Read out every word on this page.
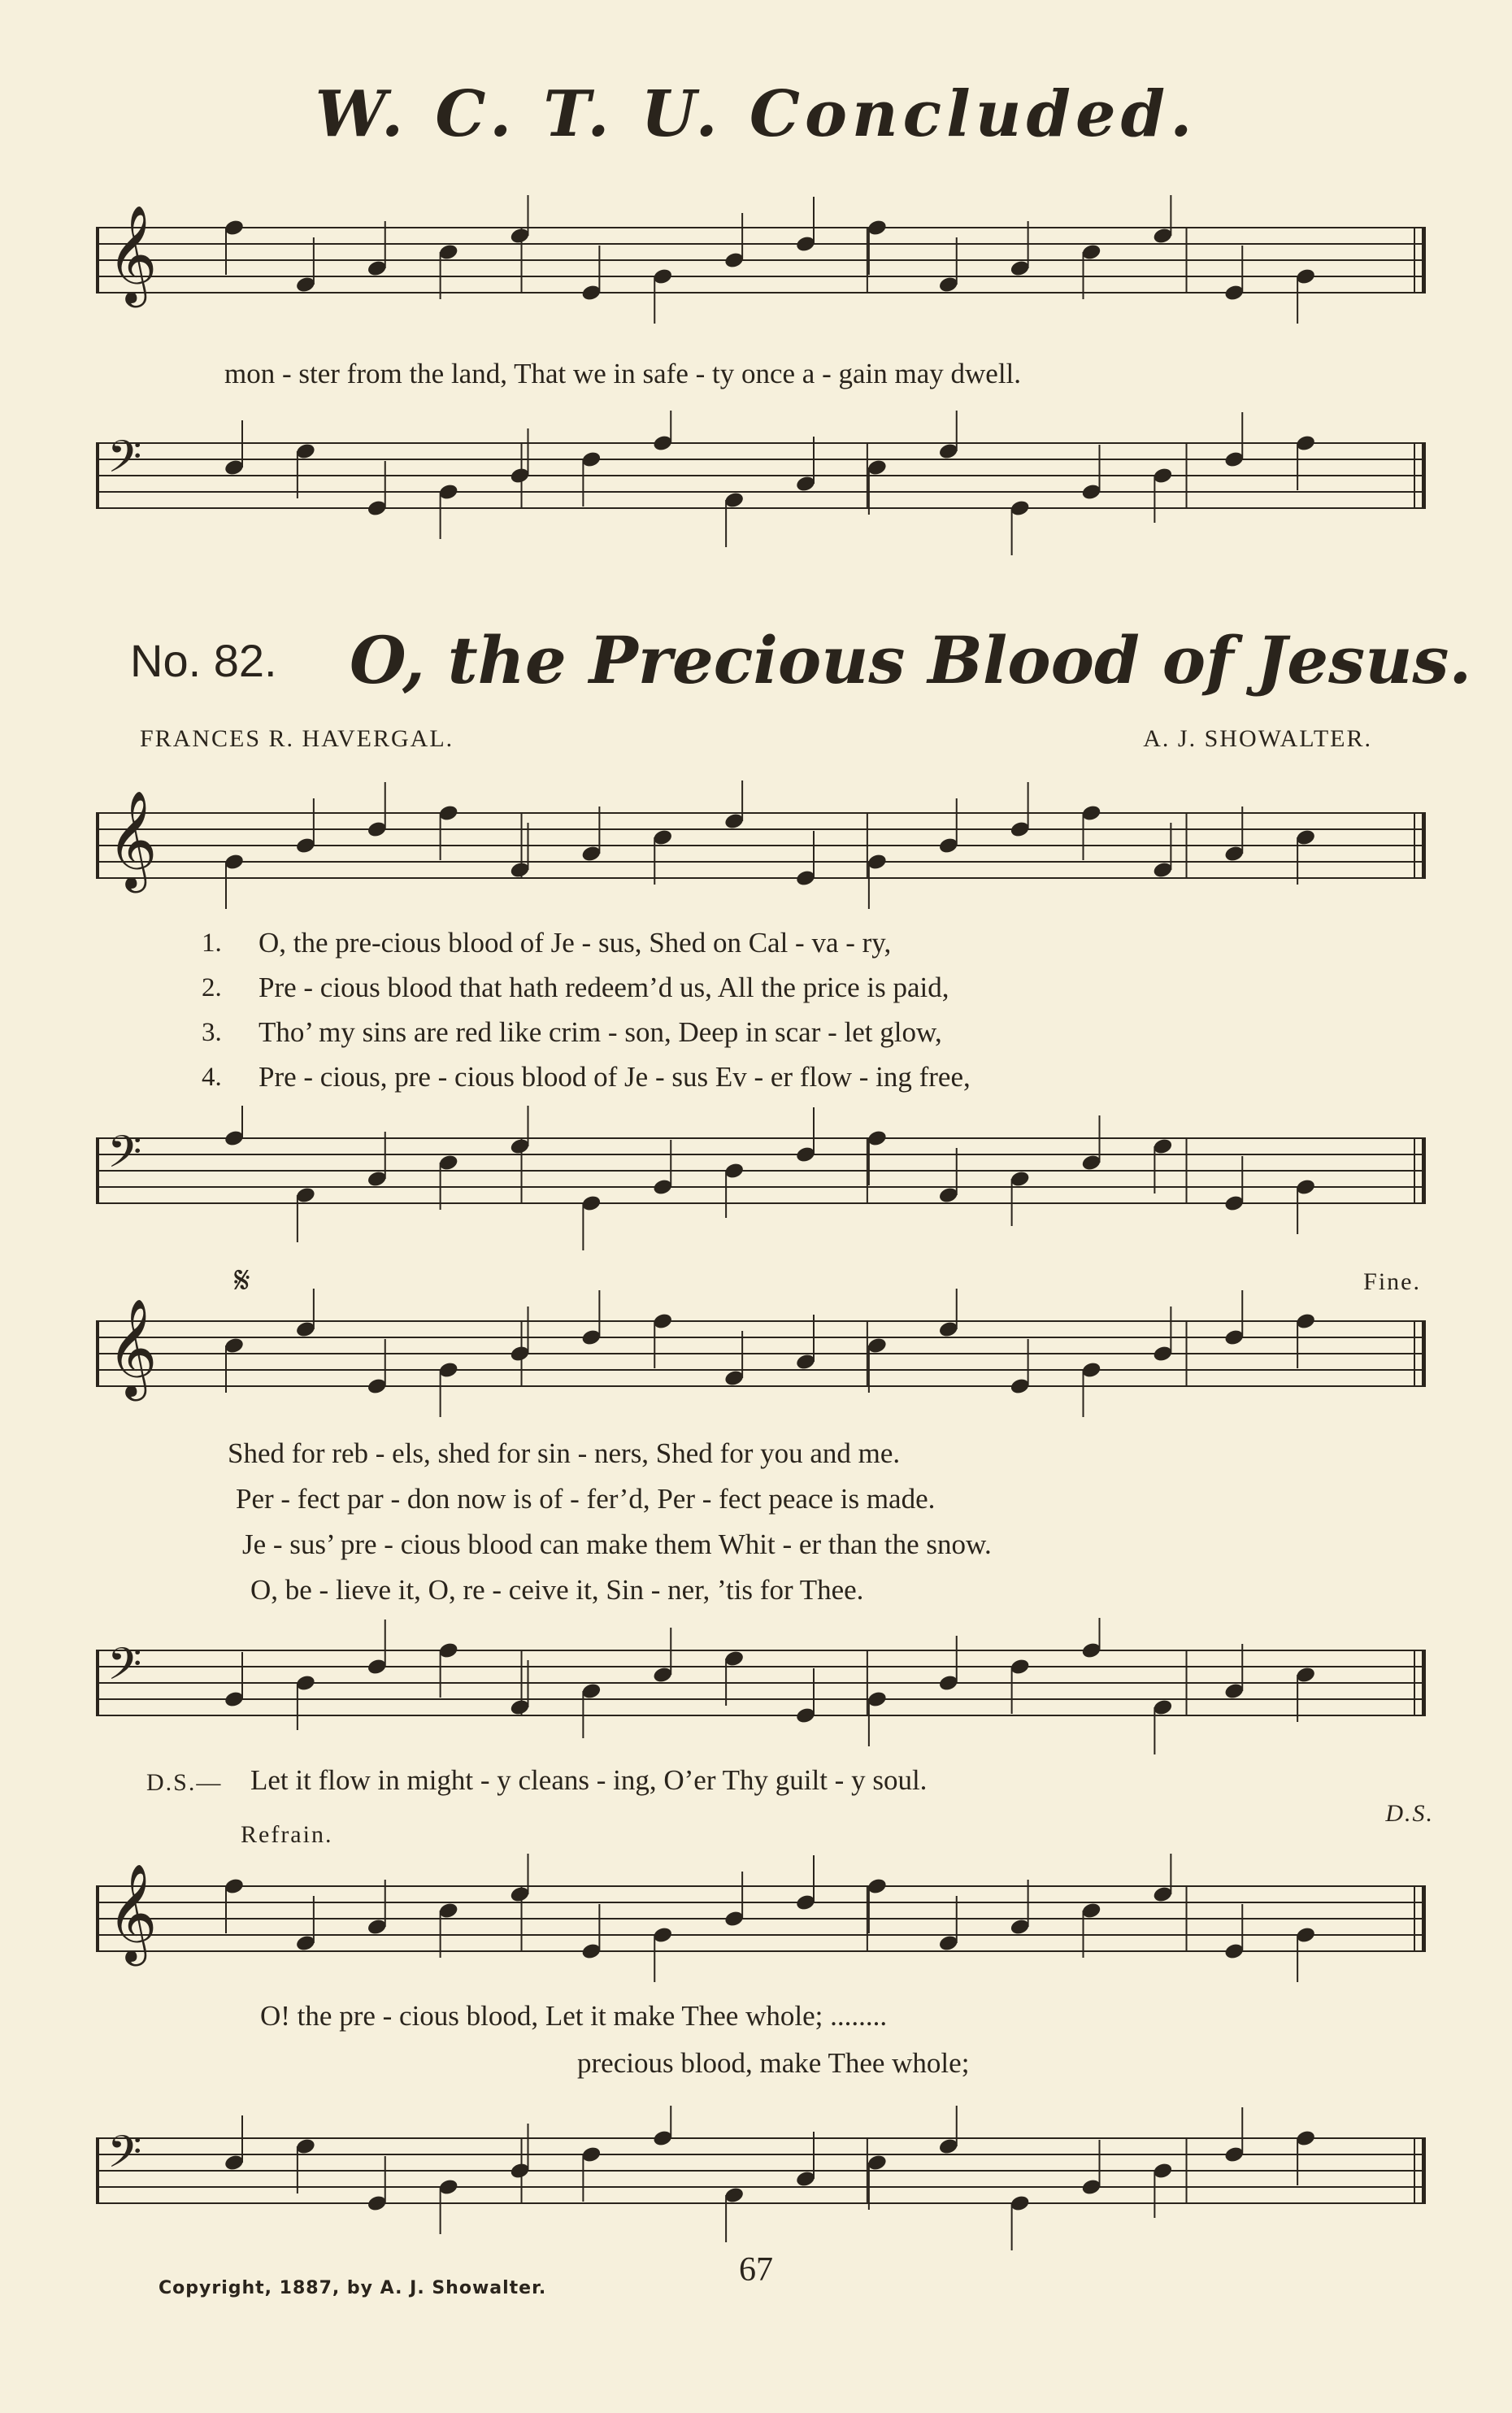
W. C. T. U. Concluded.
𝄞
mon - ster from the land, That we in safe - ty once a - gain may dwell.
𝄢
No. 82. O, the Precious Blood of Jesus.
FRANCES R. HAVERGAL.	A. J. SHOWALTER.
𝄞
1. O, the pre-cious blood of Je - sus, Shed on Cal - va - ry,
2. Pre - cious blood that hath redeem’d us, All the price is paid,
3. Tho’ my sins are red like crim - son, Deep in scar - let glow,
4. Pre - cious, pre - cious blood of Je - sus Ev - er flow - ing free,
𝄢
𝄋	Fine.
𝄞
Shed for reb - els, shed for sin - ners, Shed for you and me.
Per - fect par - don now is of - fer’d, Per - fect peace is made.
Je - sus’ pre - cious blood can make them Whit - er than the snow.
O, be - lieve it, O, re - ceive it, Sin - ner, ’tis for Thee.
𝄢
D.S.— Let it flow in might - y cleans - ing, O’er Thy guilt - y soul.
Refrain.
D.S.
𝄞
O! the pre - cious blood, Let it make Thee whole; ........
precious blood, make Thee whole;
𝄢
Copyright, 1887, by A. J. Showalter.	67
